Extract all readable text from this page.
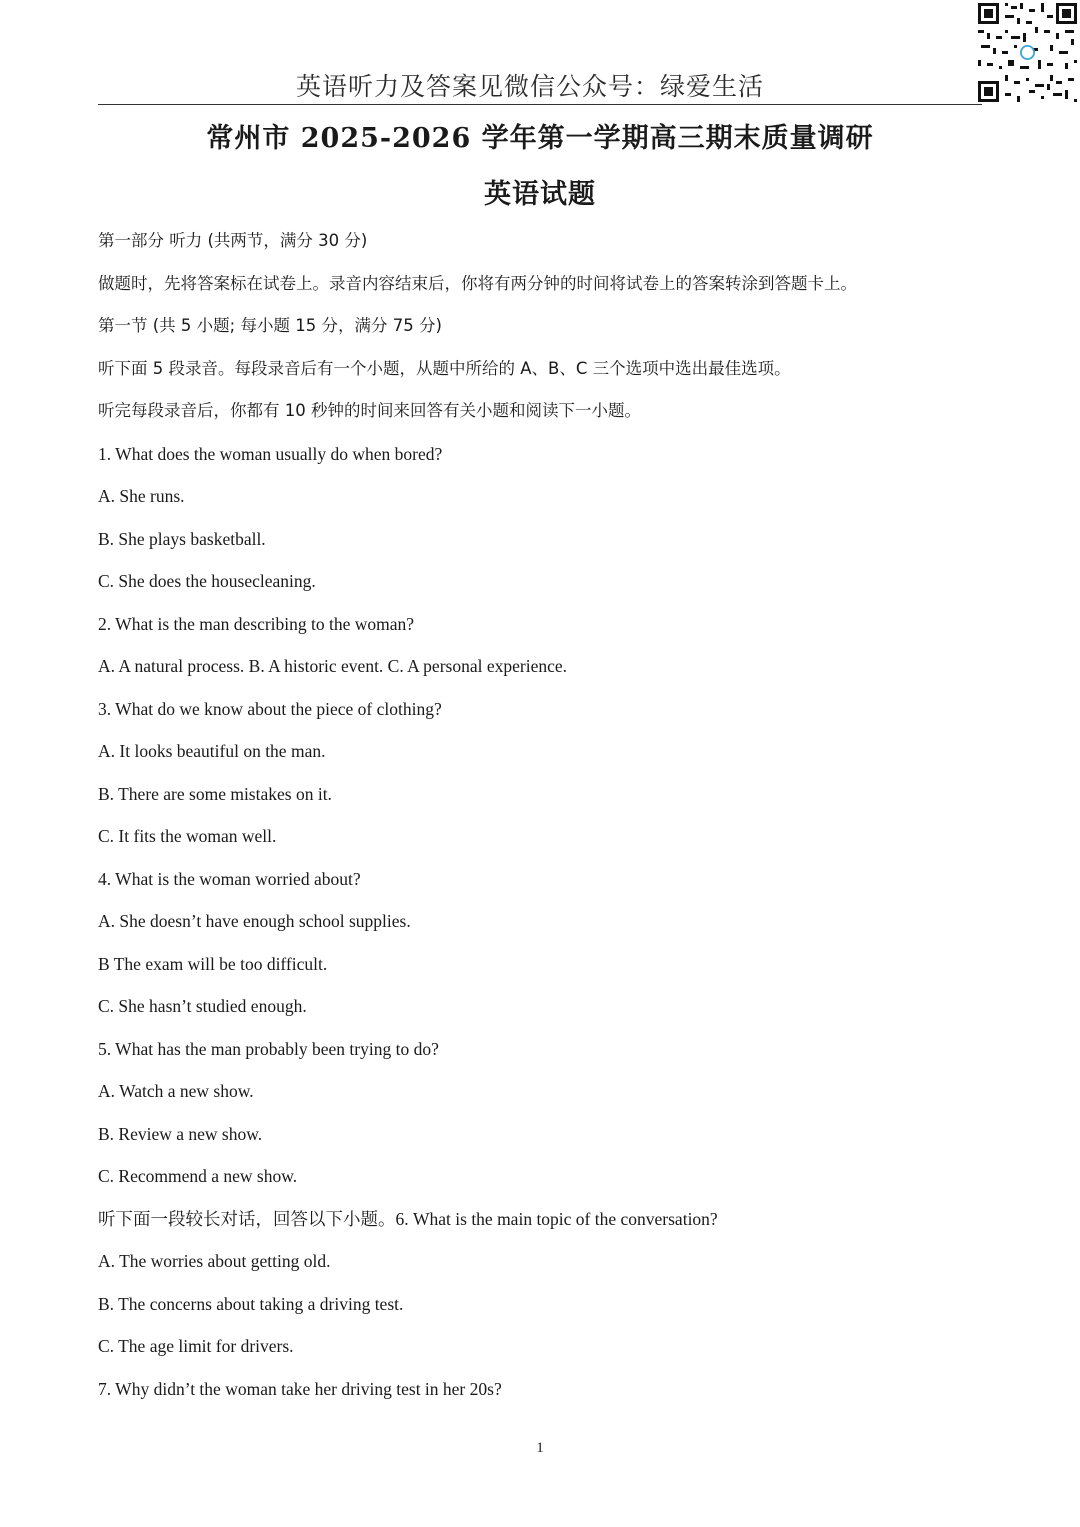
英语听力及答案见微信公众号：绿爱生活
常州市 2025-2026 学年第一学期高三期末质量调研
英语试题
第一部分 听力 (共两节，满分 30 分)
做题时，先将答案标在试卷上。录音内容结束后，你将有两分钟的时间将试卷上的答案转涂到答题卡上。
第一节 (共 5 小题; 每小题 15 分，满分 75 分)
听下面 5 段录音。每段录音后有一个小题，从题中所给的 A、B、C 三个选项中选出最佳选项。
听完每段录音后，你都有 10 秒钟的时间来回答有关小题和阅读下一小题。
1. What does the woman usually do when bored?
A. She runs.
B. She plays basketball.
C. She does the housecleaning.
2. What is the man describing to the woman?
A. A natural process. B. A historic event. C. A personal experience.
3. What do we know about the piece of clothing?
A. It looks beautiful on the man.
B. There are some mistakes on it.
C. It fits the woman well.
4. What is the woman worried about?
A. She doesn’t have enough school supplies.
B The exam will be too difficult.
C. She hasn’t studied enough.
5. What has the man probably been trying to do?
A. Watch a new show.
B. Review a new show.
C. Recommend a new show.
听下面一段较长对话，回答以下小题。6. What is the main topic of the conversation?
A. The worries about getting old.
B. The concerns about taking a driving test.
C. The age limit for drivers.
7. Why didn’t the woman take her driving test in her 20s?
1
